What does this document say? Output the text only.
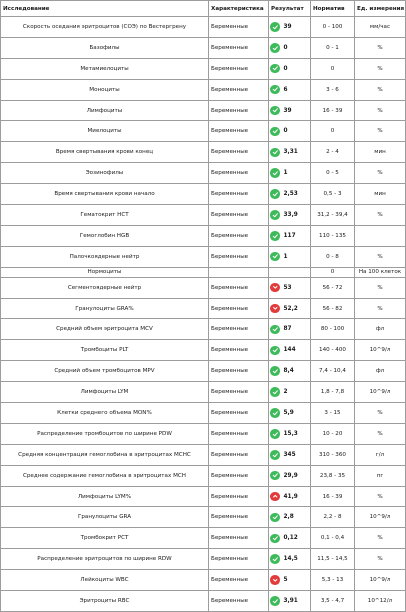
Исследование	Характеристика	Результат	Норматив	Ед. измерения
Скорость оседания эритроцитов (СОЭ) по Вестергрену	Беременные	39	0 - 100	мм/час
Базофилы	Беременные	0	0 - 1	%
Метамиелоциты	Беременные	0	0	%
Моноциты	Беременные	6	3 - 6	%
Лимфоциты	Беременные	39	16 - 39	%
Миелоциты	Беременные	0	0	%
Время свертывания крови конец	Беременные	3,31	2 - 4	мин
Эозинофилы	Беременные	1	0 - 5	%
Время свертывания крови начало	Беременные	2,53	0,5 - 3	мин
Гематокрит HCT	Беременные	33,9	31,2 - 39,4	%
Гемоглобин HGB	Беременные	117	110 - 135	
Палочкоядерные нейтр	Беременные	1	0 - 8	%
Нормоциты			0	На 100 клеток
Сегментоядерные нейтр	Беременные	53	56 - 72	%
Гранулоциты GRA%	Беременные	52,2	56 - 82	%
Средний объем эритроцита MCV	Беременные	87	80 - 100	фл
Тромбоциты PLT	Беременные	144	140 - 400	10^9/л
Средний объем тромбоцитов MPV	Беременные	8,4	7,4 - 10,4	фл
Лимфоциты LYM	Беременные	2	1,8 - 7,8	10^9/л
Клетки среднего объема MON%	Беременные	5,9	3 - 15	%
Распределение тромбоцитов по ширине PDW	Беременные	15,3	10 - 20	%
Средняя концентрация гемоглобина в эритроцитах MCHC	Беременные	345	310 - 360	г/л
Среднее содержание гемоглобина в эритроцитах MCH	Беременные	29,9	23,8 - 35	пг
Лимфоциты LYM%	Беременные	41,9	16 - 39	%
Гранулоциты GRA	Беременные	2,8	2,2 - 8	10^9/л
Тромбокрит PCT	Беременные	0,12	0,1 - 0,4	%
Распределение эритроцитов по ширине RDW	Беременные	14,5	11,5 - 14,5	%
Лейкоциты WBC	Беременные	5	5,3 - 13	10^9/л
Эритроциты RBC	Беременные	3,91	3,5 - 4,7	10^12/л
